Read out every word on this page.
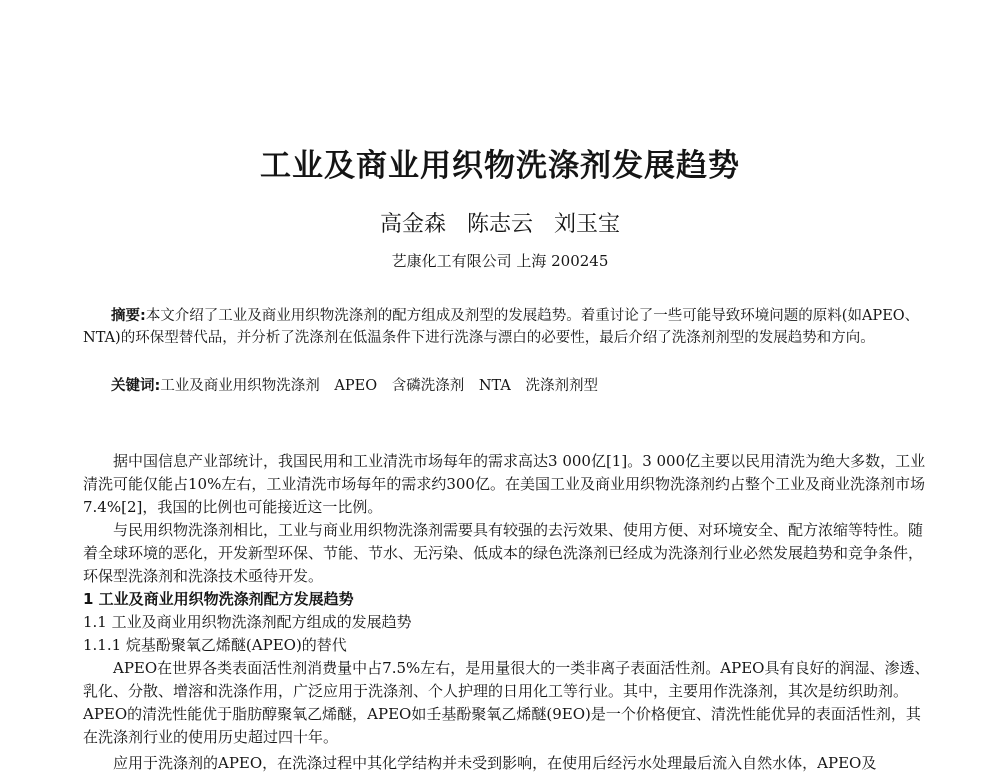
工业及商业用织物洗涤剂发展趋势
高金森 陈志云 刘玉宝
艺康化工有限公司 上海 200245
摘要:本文介绍了工业及商业用织物洗涤剂的配方组成及剂型的发展趋势。着重讨论了一些可能导致环境问题的原料(如APEO、NTA)的环保型替代品，并分析了洗涤剂在低温条件下进行洗涤与漂白的必要性，最后介绍了洗涤剂剂型的发展趋势和方向。
关键词:工业及商业用织物洗涤剂 APEO 含磷洗涤剂 NTA 洗涤剂剂型

据中国信息产业部统计，我国民用和工业清洗市场每年的需求高达3 000亿[1]。3 000亿主要以民用清洗为绝大多数，工业清洗可能仅能占10%左右，工业清洗市场每年的需求约300亿。在美国工业及商业用织物洗涤剂约占整个工业及商业洗涤剂市场7.4%[2]，我国的比例也可能接近这一比例。

与民用织物洗涤剂相比，工业与商业用织物洗涤剂需要具有较强的去污效果、使用方便、对环境安全、配方浓缩等特性。随着全球环境的恶化，开发新型环保、节能、节水、无污染、低成本的绿色洗涤剂已经成为洗涤剂行业必然发展趋势和竞争条件，环保型洗涤剂和洗涤技术亟待开发。

1 工业及商业用织物洗涤剂配方发展趋势
1.1 工业及商业用织物洗涤剂配方组成的发展趋势
1.1.1 烷基酚聚氧乙烯醚(APEO)的替代

APEO在世界各类表面活性剂消费量中占7.5%左右，是用量很大的一类非离子表面活性剂。APEO具有良好的润湿、渗透、乳化、分散、增溶和洗涤作用，广泛应用于洗涤剂、个人护理的日用化工等行业。其中，主要用作洗涤剂，其次是纺织助剂。APEO的清洗性能优于脂肪醇聚氧乙烯醚，APEO如壬基酚聚氧乙烯醚(9EO)是一个价格便宜、清洗性能优异的表面活性剂，其在洗涤剂行业的使用历史超过四十年。

应用于洗涤剂的APEO，在洗涤过程中其化学结构并未受到影响，在使用后经污水处理最后流入自然水体，APEO及
